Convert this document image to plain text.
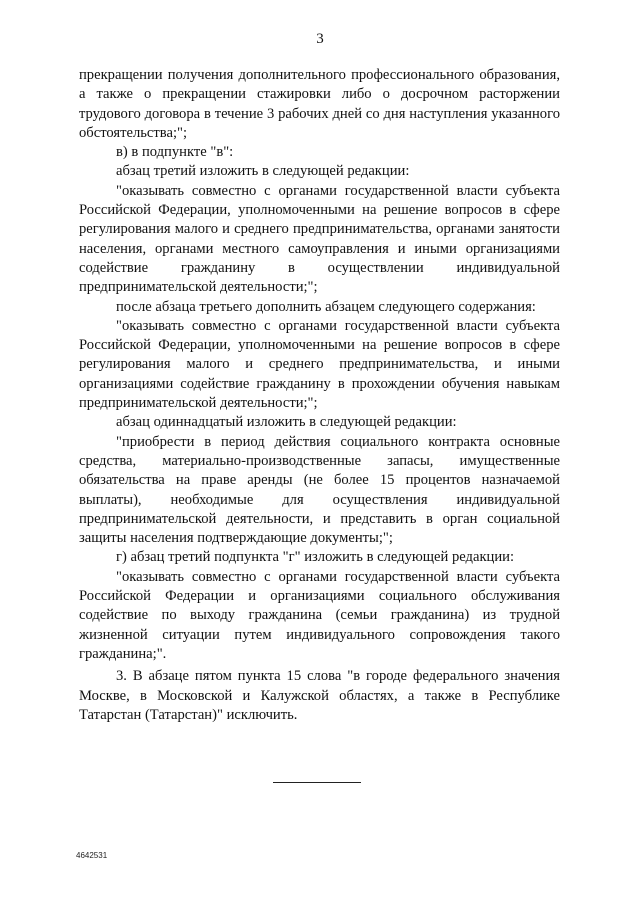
3

прекращении получения дополнительного профессионального образования, а также о прекращении стажировки либо о досрочном расторжении трудового договора в течение 3 рабочих дней со дня наступления указанного обстоятельства;";

в) в подпункте "в":

абзац третий изложить в следующей редакции:

"оказывать совместно с органами государственной власти субъекта Российской Федерации, уполномоченными на решение вопросов в сфере регулирования малого и среднего предпринимательства, органами занятости населения, органами местного самоуправления и иными организациями содействие гражданину в осуществлении индивидуальной предпринимательской деятельности;";

после абзаца третьего дополнить абзацем следующего содержания:

"оказывать совместно с органами государственной власти субъекта Российской Федерации, уполномоченными на решение вопросов в сфере регулирования малого и среднего предпринимательства, и иными организациями содействие гражданину в прохождении обучения навыкам предпринимательской деятельности;";

абзац одиннадцатый изложить в следующей редакции:

"приобрести в период действия социального контракта основные средства, материально-производственные запасы, имущественные обязательства на праве аренды (не более 15 процентов назначаемой выплаты), необходимые для осуществления индивидуальной предпринимательской деятельности, и представить в орган социальной защиты населения подтверждающие документы;";

г) абзац третий подпункта "г" изложить в следующей редакции:

"оказывать совместно с органами государственной власти субъекта Российской Федерации и организациями социального обслуживания содействие по выходу гражданина (семьи гражданина) из трудной жизненной ситуации путем индивидуального сопровождения такого гражданина;".

3. В абзаце пятом пункта 15 слова "в городе федерального значения Москве, в Московской и Калужской областях, а также в Республике Татарстан (Татарстан)" исключить.

4642531
